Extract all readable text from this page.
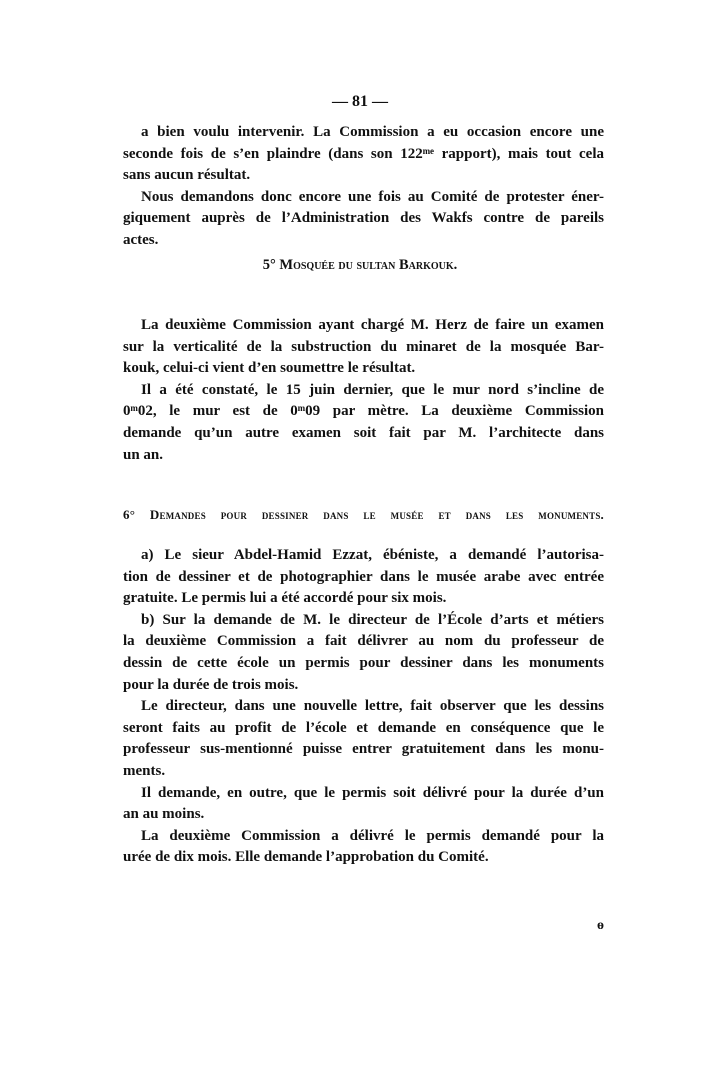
— 81 —
a bien voulu intervenir. La Commission a eu occasion encore une
seconde fois de s’en plaindre (dans son 122ᵐᵉ rapport), mais tout cela
sans aucun résultat.
Nous demandons donc encore une fois au Comité de protester éner-
giquement auprès de l’Administration des Wakfs contre de pareils
actes.
5° Mosquée du sultan Barkouk.
La deuxième Commission ayant chargé M. Herz de faire un examen
sur la verticalité de la substruction du minaret de la mosquée Bar-
kouk, celui-ci vient d’en soumettre le résultat.
Il a été constaté, le 15 juin dernier, que le mur nord s’incline de
0ᵐ02, le mur est de 0ᵐ09 par mètre. La deuxième Commission
demande qu’un autre examen soit fait par M. l’architecte dans
un an.
6° Demandes pour dessiner dans le musée et dans les monuments.
a) Le sieur Abdel-Hamid Ezzat, ébéniste, a demandé l’autorisa-
tion de dessiner et de photographier dans le musée arabe avec entrée
gratuite. Le permis lui a été accordé pour six mois.
b) Sur la demande de M. le directeur de l’École d’arts et métiers
la deuxième Commission a fait délivrer au nom du professeur de
dessin de cette école un permis pour dessiner dans les monuments
pour la durée de trois mois.
Le directeur, dans une nouvelle lettre, fait observer que les dessins
seront faits au profit de l’école et demande en conséquence que le
professeur sus-mentionné puisse entrer gratuitement dans les monu-
ments.
Il demande, en outre, que le permis soit délivré pour la durée d’un
an au moins.
La deuxième Commission a délivré le permis demandé pour la
urée de dix mois. Elle demande l’approbation du Comité.
ɵ
